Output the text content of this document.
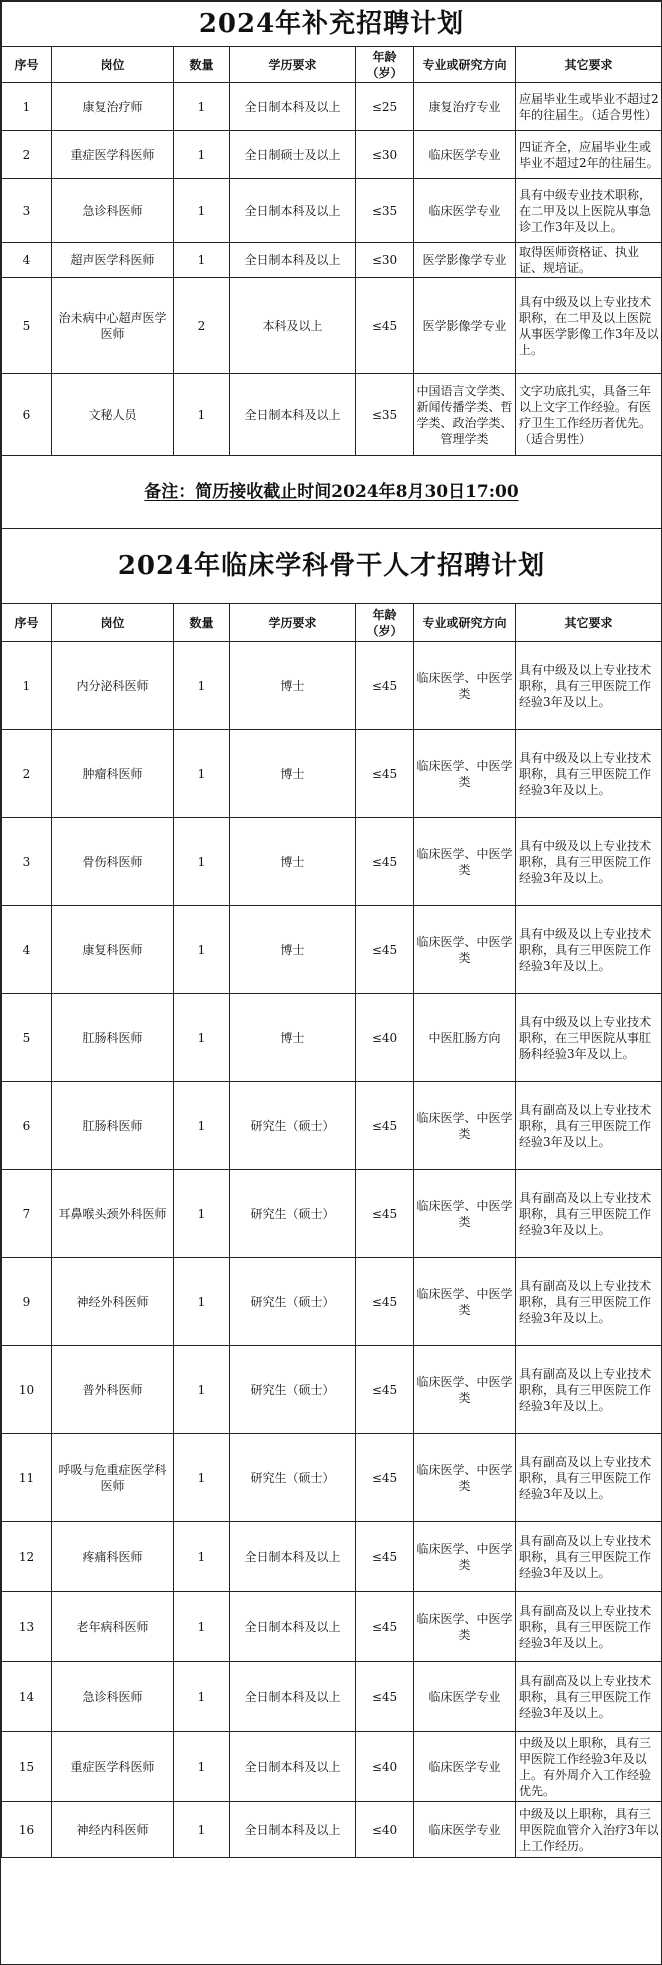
2024年补充招聘计划						
序号	岗位	数量	学历要求	年龄（岁）	专业或研究方向	其它要求
1	康复治疗师	1	全日制本科及以上	≤25	康复治疗专业	应届毕业生或毕业不超过2年的往届生。（适合男性）
2	重症医学科医师	1	全日制硕士及以上	≤30	临床医学专业	四证齐全，应届毕业生或毕业不超过2年的往届生。
3	急诊科医师	1	全日制本科及以上	≤35	临床医学专业	具有中级专业技术职称，在二甲及以上医院从事急诊工作3年及以上。
4	超声医学科医师	1	全日制本科及以上	≤30	医学影像学专业	取得医师资格证、执业证、规培证。
5	治未病中心超声医学医师	2	本科及以上	≤45	医学影像学专业	具有中级及以上专业技术职称，在二甲及以上医院从事医学影像工作3年及以上。
6	文秘人员	1	全日制本科及以上	≤35	中国语言文学类、新闻传播学类、哲学类、政治学类、管理学类	文字功底扎实，具备三年以上文字工作经验。有医疗卫生工作经历者优先。（适合男性）
备注：简历接收截止时间2024年8月30日17:00						
2024年临床学科骨干人才招聘计划						
序号	岗位	数量	学历要求	年龄（岁）	专业或研究方向	其它要求
1	内分泌科医师	1	博士	≤45	临床医学、中医学类	具有中级及以上专业技术职称，具有三甲医院工作经验3年及以上。
2	肿瘤科医师	1	博士	≤45	临床医学、中医学类	具有中级及以上专业技术职称，具有三甲医院工作经验3年及以上。
3	骨伤科医师	1	博士	≤45	临床医学、中医学类	具有中级及以上专业技术职称，具有三甲医院工作经验3年及以上。
4	康复科医师	1	博士	≤45	临床医学、中医学类	具有中级及以上专业技术职称，具有三甲医院工作经验3年及以上。
5	肛肠科医师	1	博士	≤40	中医肛肠方向	具有中级及以上专业技术职称，在三甲医院从事肛肠科经验3年及以上。
6	肛肠科医师	1	研究生（硕士）	≤45	临床医学、中医学类	具有副高及以上专业技术职称，具有三甲医院工作经验3年及以上。
7	耳鼻喉头颈外科医师	1	研究生（硕士）	≤45	临床医学、中医学类	具有副高及以上专业技术职称，具有三甲医院工作经验3年及以上。
9	神经外科医师	1	研究生（硕士）	≤45	临床医学、中医学类	具有副高及以上专业技术职称，具有三甲医院工作经验3年及以上。
10	普外科医师	1	研究生（硕士）	≤45	临床医学、中医学类	具有副高及以上专业技术职称，具有三甲医院工作经验3年及以上。
11	呼吸与危重症医学科医师	1	研究生（硕士）	≤45	临床医学、中医学类	具有副高及以上专业技术职称，具有三甲医院工作经验3年及以上。
12	疼痛科医师	1	全日制本科及以上	≤45	临床医学、中医学类	具有副高及以上专业技术职称，具有三甲医院工作经验3年及以上。
13	老年病科医师	1	全日制本科及以上	≤45	临床医学、中医学类	具有副高及以上专业技术职称，具有三甲医院工作经验3年及以上。
14	急诊科医师	1	全日制本科及以上	≤45	临床医学专业	具有副高及以上专业技术职称，具有三甲医院工作经验3年及以上。
15	重症医学科医师	1	全日制本科及以上	≤40	临床医学专业	中级及以上职称，具有三甲医院工作经验3年及以上。有外周介入工作经验优先。
16	神经内科医师	1	全日制本科及以上	≤40	临床医学专业	中级及以上职称，具有三甲医院血管介入治疗3年以上工作经历。
